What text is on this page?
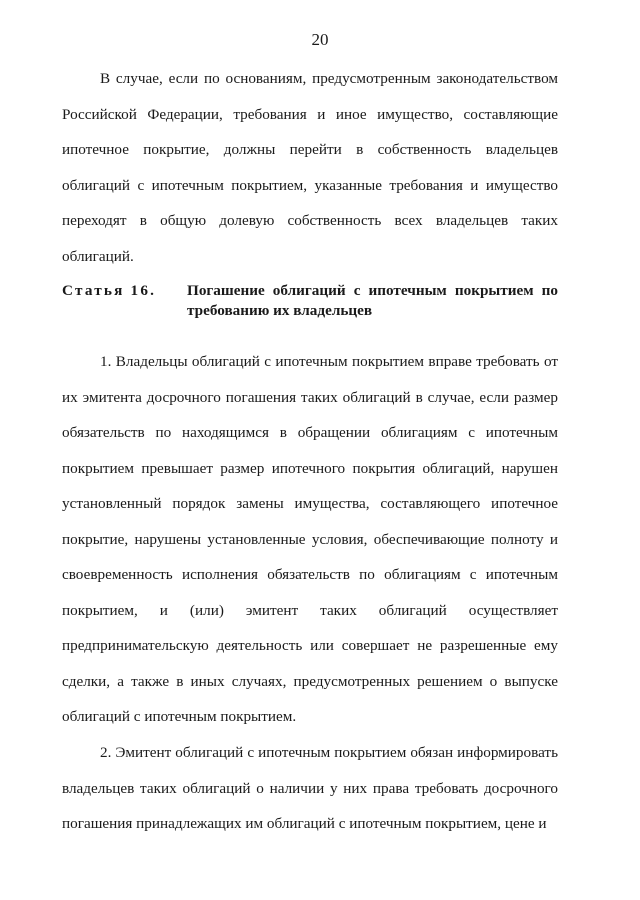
20

В случае, если по основаниям, предусмотренным законодательством Российской Федерации, требования и иное имущество, составляющие ипотечное покрытие, должны перейти в собственность владельцев облигаций с ипотечным покрытием, указанные требования и имущество переходят в общую долевую собственность всех владельцев таких облигаций.

Статья 16. Погашение облигаций с ипотечным покрытием по требованию их владельцев

1. Владельцы облигаций с ипотечным покрытием вправе требовать от их эмитента досрочного погашения таких облигаций в случае, если размер обязательств по находящимся в обращении облигациям с ипотечным покрытием превышает размер ипотечного покрытия облигаций, нарушен установленный порядок замены имущества, составляющего ипотечное покрытие, нарушены установленные условия, обеспечивающие полноту и своевременность исполнения обязательств по облигациям с ипотечным покрытием, и (или) эмитент таких облигаций осуществляет предпринимательскую деятельность или совершает не разрешенные ему сделки, а также в иных случаях, предусмотренных решением о выпуске облигаций с ипотечным покрытием.

2. Эмитент облигаций с ипотечным покрытием обязан информировать владельцев таких облигаций о наличии у них права требовать досрочного погашения принадлежащих им облигаций с ипотечным покрытием, цене и
